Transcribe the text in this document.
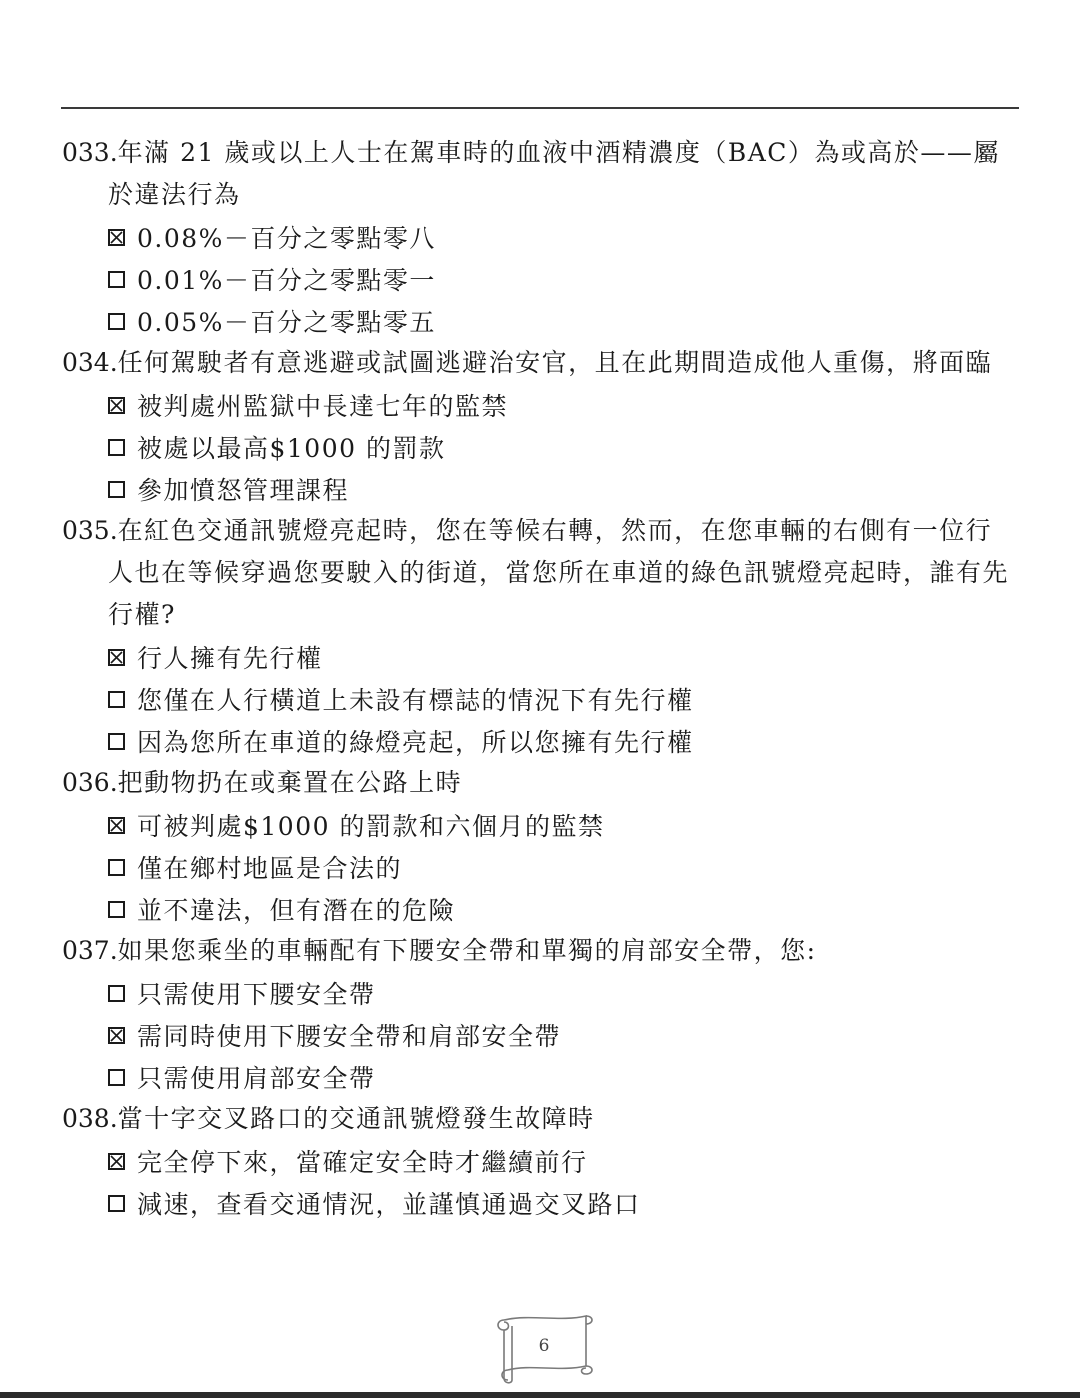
033.年滿 21 歲或以上人士在駕車時的血液中酒精濃度（BAC）為或高於——屬於違法行為

0.08%－百分之零點零八
0.01%－百分之零點零一
0.05%－百分之零點零五

034.任何駕駛者有意逃避或試圖逃避治安官，且在此期間造成他人重傷，將面臨

被判處州監獄中長達七年的監禁
被處以最高$1000 的罰款
參加憤怒管理課程

035.在紅色交通訊號燈亮起時，您在等候右轉，然而，在您車輛的右側有一位行人也在等候穿過您要駛入的街道，當您所在車道的綠色訊號燈亮起時，誰有先行權?

行人擁有先行權
您僅在人行橫道上未設有標誌的情況下有先行權
因為您所在車道的綠燈亮起，所以您擁有先行權

036.把動物扔在或棄置在公路上時

可被判處$1000 的罰款和六個月的監禁
僅在鄉村地區是合法的
並不違法，但有潛在的危險

037.如果您乘坐的車輛配有下腰安全帶和單獨的肩部安全帶，您:

只需使用下腰安全帶
需同時使用下腰安全帶和肩部安全帶
只需使用肩部安全帶

038.當十字交叉路口的交通訊號燈發生故障時

完全停下來，當確定安全時才繼續前行
減速，查看交通情況，並謹慎通過交叉路口
6
